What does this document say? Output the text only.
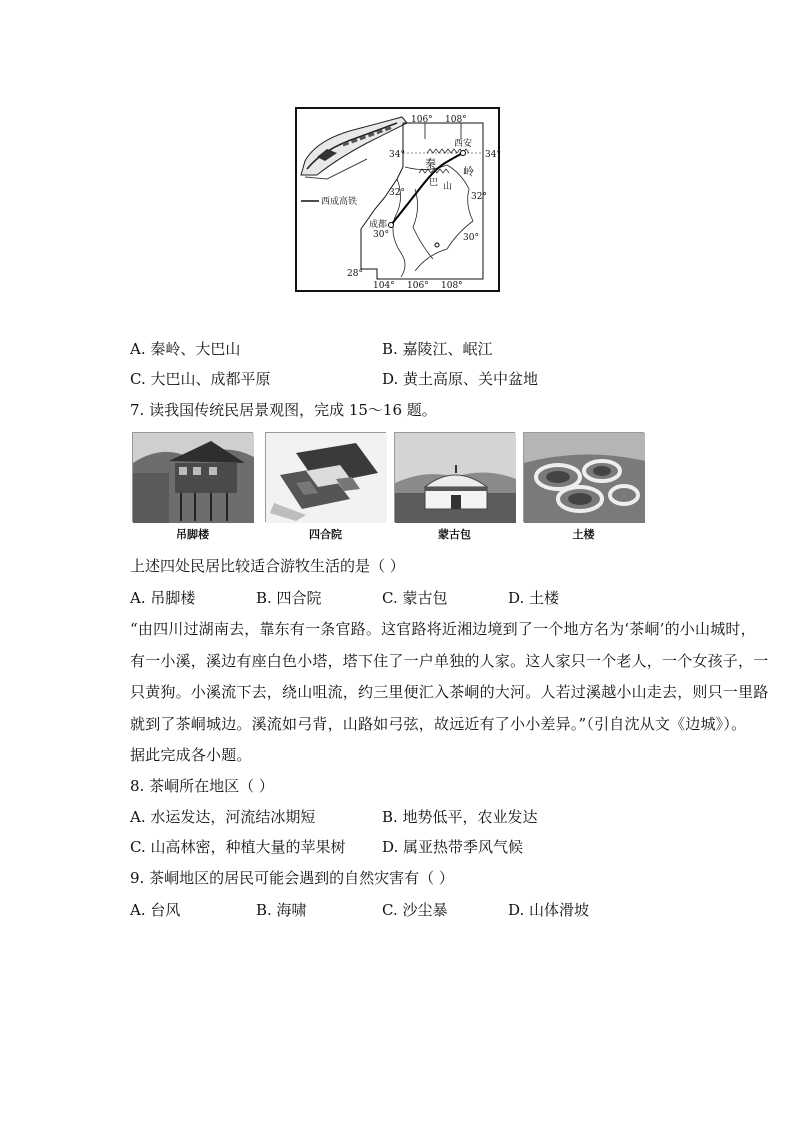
西成高铁
106° 108°
104° 106° 108°
34°
32°
30°
28°
34°
32°
30°
西安
成都
秦
岭
巴 山
A. 秦岭、大巴山	B. 嘉陵江、岷江
C. 大巴山、成都平原	D. 黄土高原、关中盆地
7. 读我国传统民居景观图，完成 15～16 题。
吊脚楼	四合院	蒙古包	土楼
上述四处民居比较适合游牧生活的是（ ）
A. 吊脚楼	B. 四合院	C. 蒙古包	D. 土楼
“由四川过湖南去，靠东有一条官路。这官路将近湘边境到了一个地方名为‘茶峒’的小山城时，
有一小溪，溪边有座白色小塔，塔下住了一户单独的人家。这人家只一个老人，一个女孩子，一
只黄狗。小溪流下去，绕山咀流，约三里便汇入茶峒的大河。人若过溪越小山走去，则只一里路
就到了茶峒城边。溪流如弓背，山路如弓弦，故远近有了小小差异。”（引自沈从文《边城》）。
据此完成各小题。
8. 茶峒所在地区（ ）
A. 水运发达，河流结冰期短	B. 地势低平，农业发达
C. 山高林密，种植大量的苹果树 D. 属亚热带季风气候
9. 茶峒地区的居民可能会遇到的自然灾害有（ ）
A. 台风	B. 海啸	C. 沙尘暴	D. 山体滑坡
